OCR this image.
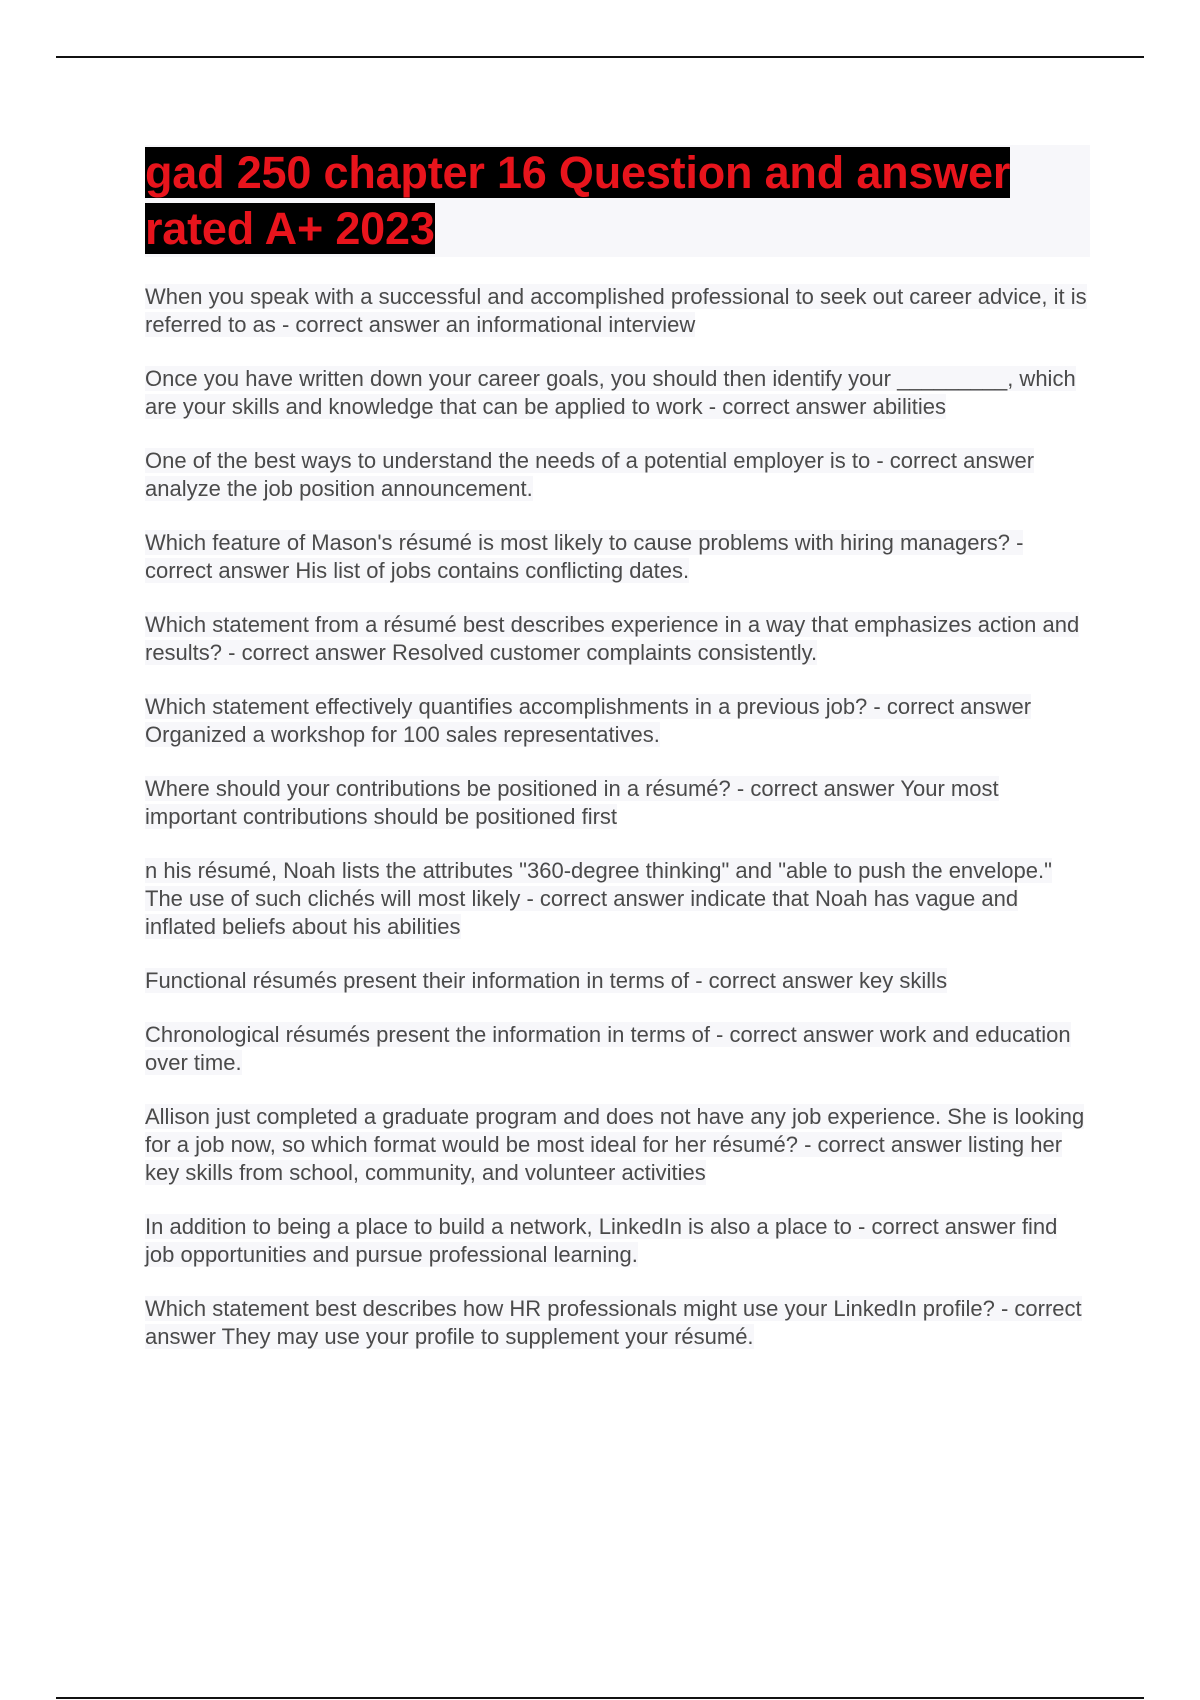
gad 250 chapter 16 Question and answer rated A+ 2023
When you speak with a successful and accomplished professional to seek out career advice, it is referred to as - correct answer an informational interview
Once you have written down your career goals, you should then identify your _________, which are your skills and knowledge that can be applied to work - correct answer abilities
One of the best ways to understand the needs of a potential employer is to - correct answer analyze the job position announcement.
Which feature of Mason's résumé is most likely to cause problems with hiring managers? - correct answer His list of jobs contains conflicting dates.
Which statement from a résumé best describes experience in a way that emphasizes action and results? - correct answer Resolved customer complaints consistently.
Which statement effectively quantifies accomplishments in a previous job? - correct answer Organized a workshop for 100 sales representatives.
Where should your contributions be positioned in a résumé? - correct answer Your most important contributions should be positioned first
n his résumé, Noah lists the attributes "360-degree thinking" and "able to push the envelope." The use of such clichés will most likely - correct answer indicate that Noah has vague and inflated beliefs about his abilities
Functional résumés present their information in terms of - correct answer key skills
Chronological résumés present the information in terms of - correct answer work and education over time.
Allison just completed a graduate program and does not have any job experience. She is looking for a job now, so which format would be most ideal for her résumé? - correct answer listing her key skills from school, community, and volunteer activities
In addition to being a place to build a network, LinkedIn is also a place to - correct answer find job opportunities and pursue professional learning.
Which statement best describes how HR professionals might use your LinkedIn profile? - correct answer They may use your profile to supplement your résumé.
